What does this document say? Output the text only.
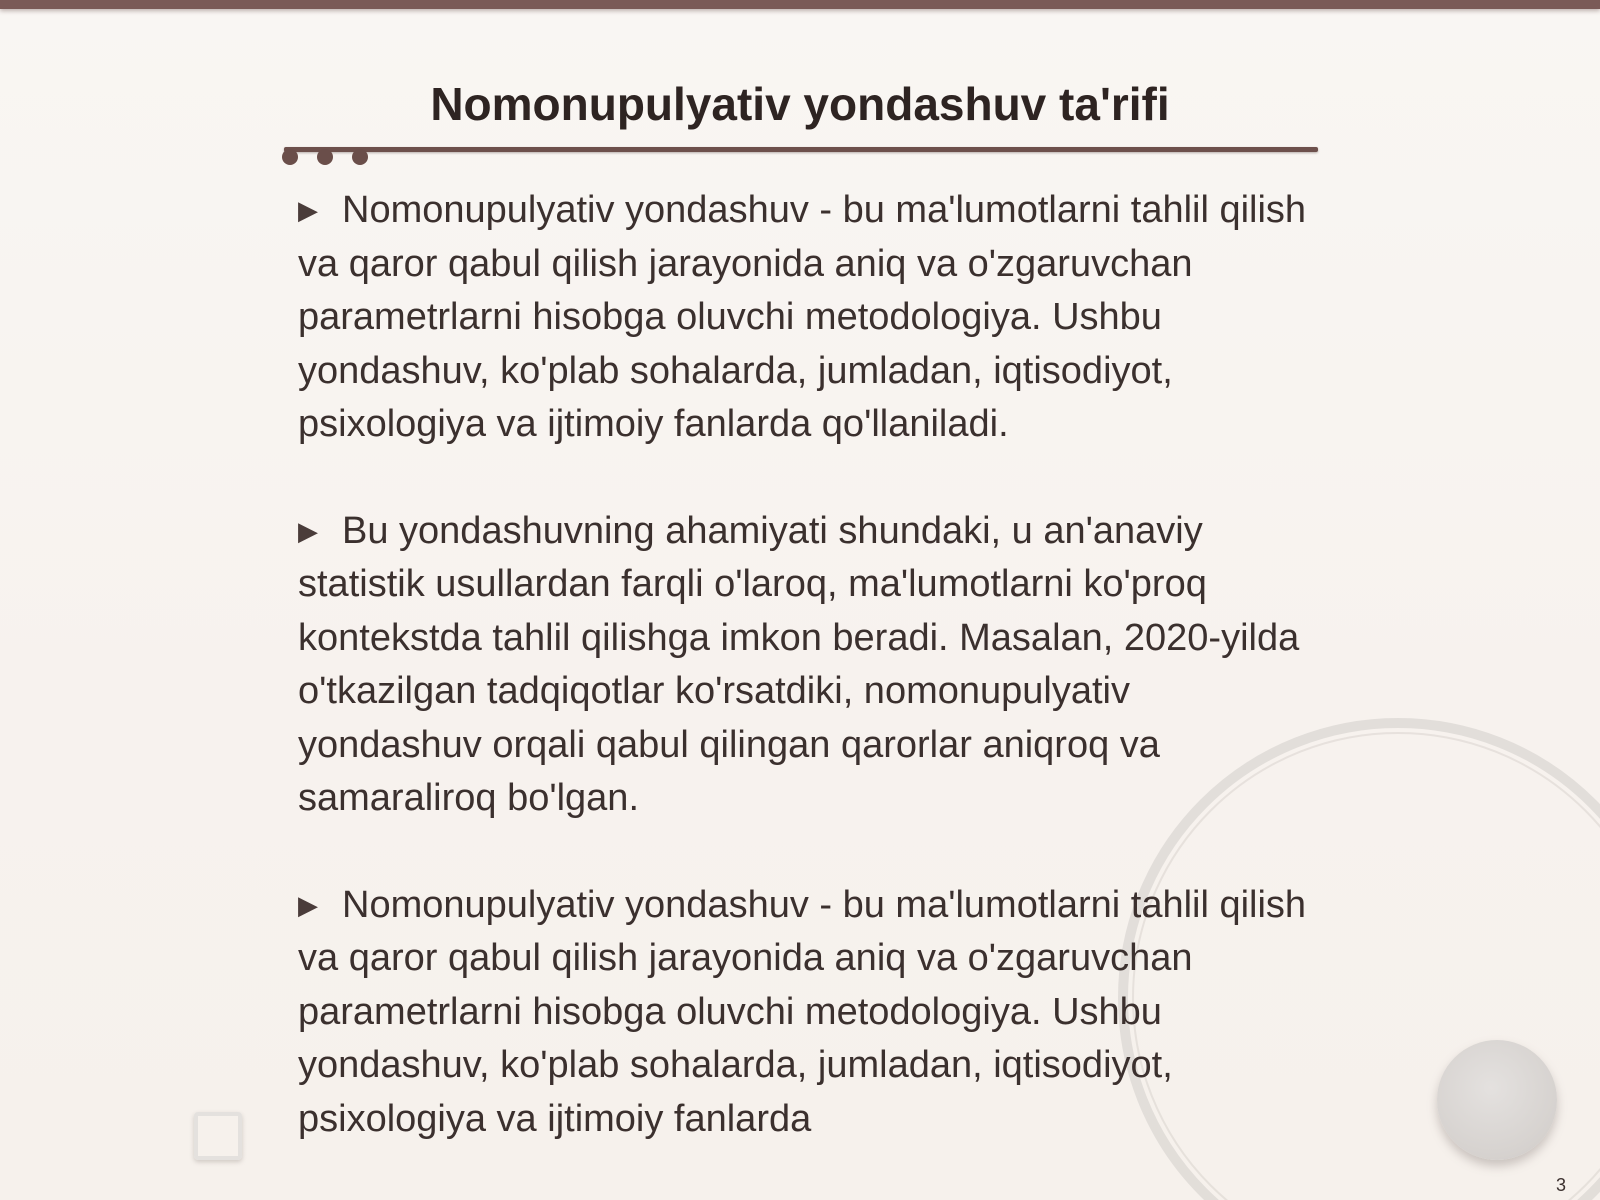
Nomonupulyativ yondashuv ta'rifi

▶ Nomonupulyativ yondashuv - bu ma'lumotlarni tahlil qilish va qaror qabul qilish jarayonida aniq va o'zgaruvchan parametrlarni hisobga oluvchi metodologiya. Ushbu yondashuv, ko'plab sohalarda, jumladan, iqtisodiyot, psixologiya va ijtimoiy fanlarda qo'llaniladi.

▶ Bu yondashuvning ahamiyati shundaki, u an'anaviy statistik usullardan farqli o'laroq, ma'lumotlarni ko'proq kontekstda tahlil qilishga imkon beradi. Masalan, 2020-yilda o'tkazilgan tadqiqotlar ko'rsatdiki, nomonupulyativ yondashuv orqali qabul qilingan qarorlar aniqroq va samaraliroq bo'lgan.

▶ Nomonupulyativ yondashuv - bu ma'lumotlarni tahlil qilish va qaror qabul qilish jarayonida aniq va o'zgaruvchan parametrlarni hisobga oluvchi metodologiya. Ushbu yondashuv, ko'plab sohalarda, jumladan, iqtisodiyot, psixologiya va ijtimoiy fanlarda

3
